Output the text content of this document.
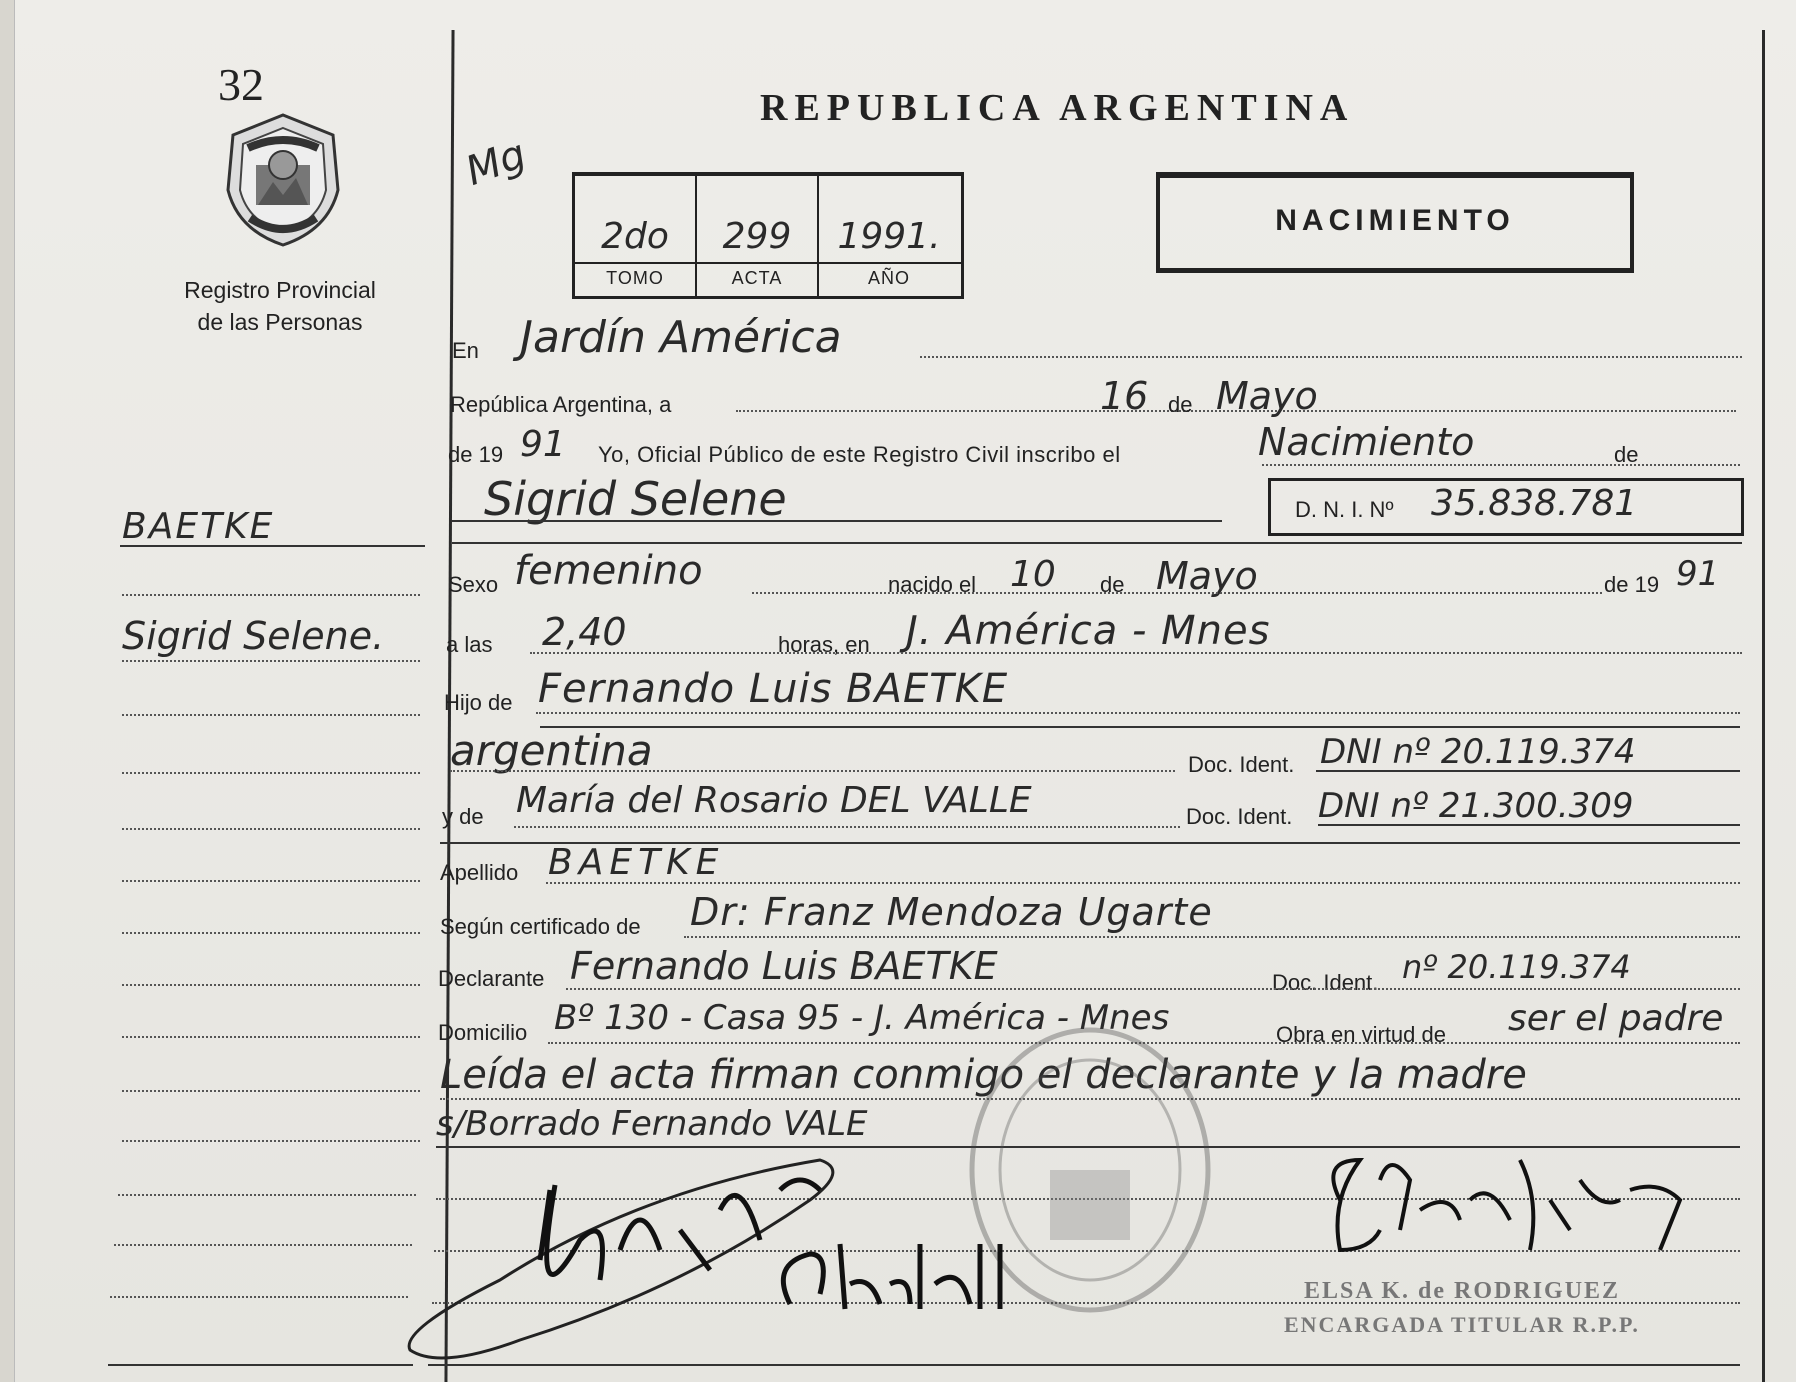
32
Registro Provincial
de las Personas
BAETKE
Sigrid Selene.
REPUBLICA ARGENTINA
Mg
2do	299	1991.
TOMO	ACTA	AÑO
NACIMIENTO
En Jardín América
República Argentina, a	16 de Mayo
de 19 91 Yo, Oficial Público de este Registro Civil inscribo el	Nacimiento	de
Sigrid Selene	D. N. I. Nº 35.838.781
Sexo femenino	nacido el 10 de Mayo	de 19 91
a las 2,40	horas, en J. América - Mnes
Hijo de Fernando Luis BAETKE
argentina	Doc. Ident. DNI nº 20.119.374
y de María del Rosario DEL VALLE	Doc. Ident. DNI nº 21.300.309
Apellido BAETKE
Según certificado de Dr: Franz Mendoza Ugarte
Declarante Fernando Luis BAETKE	Doc. Ident. nº 20.119.374
Domicilio Bº 130 - Casa 95 - J. América - Mnes	Obra en virtud de ser el padre
Leída el acta firman conmigo el declarante y la madre
s/Borrado Fernando VALE
ELSA K. de RODRIGUEZ
ENCARGADA TITULAR R.P.P.
